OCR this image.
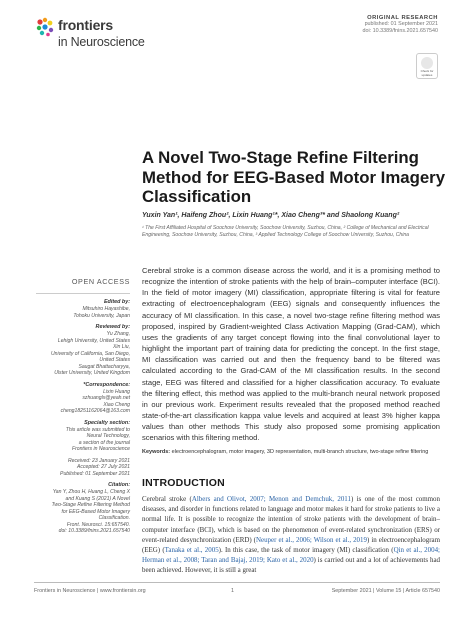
frontiers
in Neuroscience
ORIGINAL RESEARCH
published: 01 September 2021
doi: 10.3389/fnins.2021.657540
Check for updates
A Novel Two-Stage Refine Filtering Method for EEG-Based Motor Imagery Classification
Yuxin Yan¹, Haifeng Zhou², Lixin Huang¹*, Xiao Cheng³* and Shaolong Kuang²
¹ The First Affiliated Hospital of Soochow University, Soochow University, Suzhou, China, ² College of Mechanical and Electrical Engineering, Soochow University, Suzhou, China, ³ Applied Technology College of Soochow University, Suzhou, China
OPEN ACCESS
Edited by:
Mitsuhiro Hayashibe,
Tohoku University, Japan
Reviewed by:
Yu Zhang,
Lehigh University, United States
Xin Liu,
University of California, San Diego,
United States
Saugat Bhattacharyya,
Ulster University, United Kingdom
*Correspondence:
Lixin Huang
szhuanglx@yeah.net
Xiao Cheng
cheng18251162064@163.com
Specialty section:
This article was submitted to
Neural Technology,
a section of the journal
Frontiers in Neuroscience
Received: 23 January 2021
Accepted: 27 July 2021
Published: 01 September 2021
Citation:
Yan Y, Zhou H, Huang L, Cheng X
and Kuang S (2021) A Novel
Two-Stage Refine Filtering Method
for EEG-Based Motor Imagery
Classification.
Front. Neurosci. 15:657540.
doi: 10.3389/fnins.2021.657540
Cerebral stroke is a common disease across the world, and it is a promising method to recognize the intention of stroke patients with the help of brain–computer interface (BCI). In the field of motor imagery (MI) classification, appropriate filtering is vital for feature extracting of electroencephalogram (EEG) signals and consequently influences the accuracy of MI classification. In this case, a novel two-stage refine filtering method was proposed, inspired by Gradient-weighted Class Activation Mapping (Grad-CAM), which uses the gradients of any target concept flowing into the final convolutional layer to highlight the important part of training data for predicting the concept. In the first stage, MI classification was carried out and then the frequency band to be filtered was calculated according to the Grad-CAM of the MI classification results. In the second stage, EEG was filtered and classified for a higher classification accuracy. To evaluate the filtering effect, this method was applied to the multi-branch neural network proposed in our previous work. Experiment results revealed that the proposed method reached state-of-the-art classification kappa value levels and acquired at least 3% higher kappa values than other methods This study also proposed some promising application scenarios with this filtering method.
Keywords: electroencephalogram, motor imagery, 3D representation, multi-branch structure, two-stage refine filtering
INTRODUCTION
Cerebral stroke (Albers and Olivot, 2007; Menon and Demchuk, 2011) is one of the most common diseases, and disorder in functions related to language and motor makes it hard for stroke patients to live a normal life. It is possible to recognize the intention of stroke patients with the development of brain–computer interface (BCI), which is based on the phenomenon of event-related synchronization (ERS) or event-related desynchronization (ERD) (Neuper et al., 2006; Wilson et al., 2019) in electroencephalogram (EEG) (Tanaka et al., 2005). In this case, the task of motor imagery (MI) classification (Qin et al., 2004; Herman et al., 2008; Taran and Bajaj, 2019; Kato et al., 2020) is carried out and a lot of achievements had been achieved. However, it is still a great
Frontiers in Neuroscience | www.frontiersin.org	1	September 2021 | Volume 15 | Article 657540
